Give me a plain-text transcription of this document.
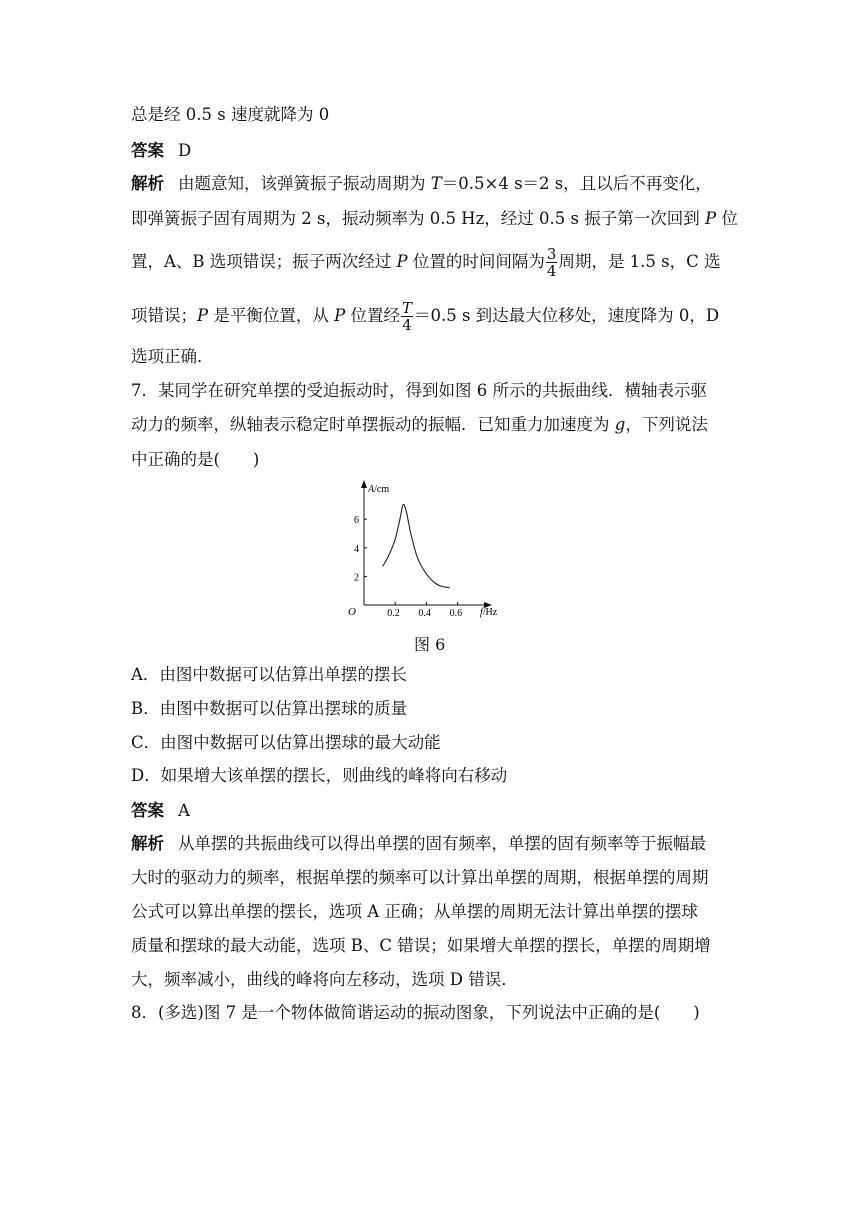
总是经 0.5 s 速度就降为 0
答案 D
解析 由题意知，该弹簧振子振动周期为 T＝0.5×4 s＝2 s，且以后不再变化，
即弹簧振子固有周期为 2 s，振动频率为 0.5 Hz，经过 0.5 s 振子第一次回到 P 位
置，A、B 选项错误；振子两次经过 P 位置的时间间隔为 $\frac{3}{4}$ 周期，是 1.5 s，C 选
项错误；P 是平衡位置，从 P 位置经 $\frac{T}{4} =0.5$ s 到达最大位移处，速度降为 0，D
选项正确．
7．某同学在研究单摆的受迫振动时，得到如图 6 所示的共振曲线．横轴表示驱
动力的频率，纵轴表示稳定时单摆振动的振幅．已知重力加速度为 g，下列说法
中正确的是(　　)
O
A/cm
f/Hz
0.2 0.4 0.6
2
4
6
图 6
A．由图中数据可以估算出单摆的摆长
B．由图中数据可以估算出摆球的质量
C．由图中数据可以估算出摆球的最大动能
D．如果增大该单摆的摆长，则曲线的峰将向右移动
答案 A
解析 从单摆的共振曲线可以得出单摆的固有频率，单摆的固有频率等于振幅最
大时的驱动力的频率，根据单摆的频率可以计算出单摆的周期，根据单摆的周期
公式可以算出单摆的摆长，选项 A 正确；从单摆的周期无法计算出单摆的摆球
质量和摆球的最大动能，选项 B、C 错误；如果增大单摆的摆长，单摆的周期增
大，频率减小，曲线的峰将向左移动，选项 D 错误．
8．(多选)图 7 是一个物体做简谐运动的振动图象，下列说法中正确的是(　　)
